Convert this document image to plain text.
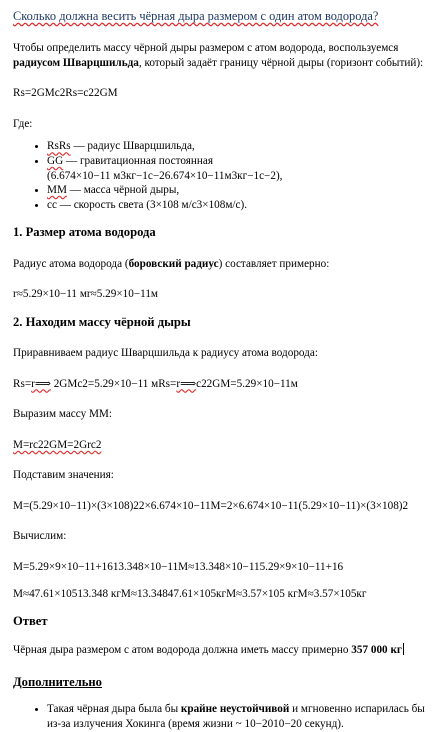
Сколько должна весить чёрная дыра размером с один атом водорода?

Чтобы определить массу чёрной дыры размером с атом водорода, воспользуемся радиусом Шварцшильда, который задаёт границу чёрной дыры (горизонт событий):

Rs=2GMc2Rs=c22GM

Где:

• RsRs — радиус Шварцшильда,
• GG — гравитационная постоянная
(6.674×10−11 м3кг−1с−26.674×10−11м3кг−1с−2),
• MM — масса чёрной дыры,
• cc — скорость света (3×108 м/с3×108м/с).
1. Размер атома водорода

Радиус атома водорода (боровский радиус) составляет примерно:

r≈5.29×10−11 мr≈5.29×10−11м

2. Находим массу чёрной дыры

Приравниваем радиус Шварцшильда к радиусу атома водорода:

Rs=r⟹ 2GMc2=5.29×10−11 мRs=r⟹c22GM=5.29×10−11м

Выразим массу MM:

M=rc22GM=2Grc2

Подставим значения:

M=(5.29×10−11)×(3×108)22×6.674×10−11M=2×6.674×10−11(5.29×10−11)×(3×108)2

Вычислим:

M=5.29×9×10−11+1613.348×10−11M≈13.348×10−115.29×9×10−11+16

M≈47.61×10513.348 кгM≈13.34847.61×105кгM≈3.57×105 кгM≈3.57×105кг

Ответ

Чёрная дыра размером с атом водорода должна иметь массу примерно 357 000 кг

Дополнительно
• Такая чёрная дыра была бы крайне неустойчивой и мгновенно испарилась бы из-за излучения Хокинга (время жизни ~ 10−2010−20 секунд).
